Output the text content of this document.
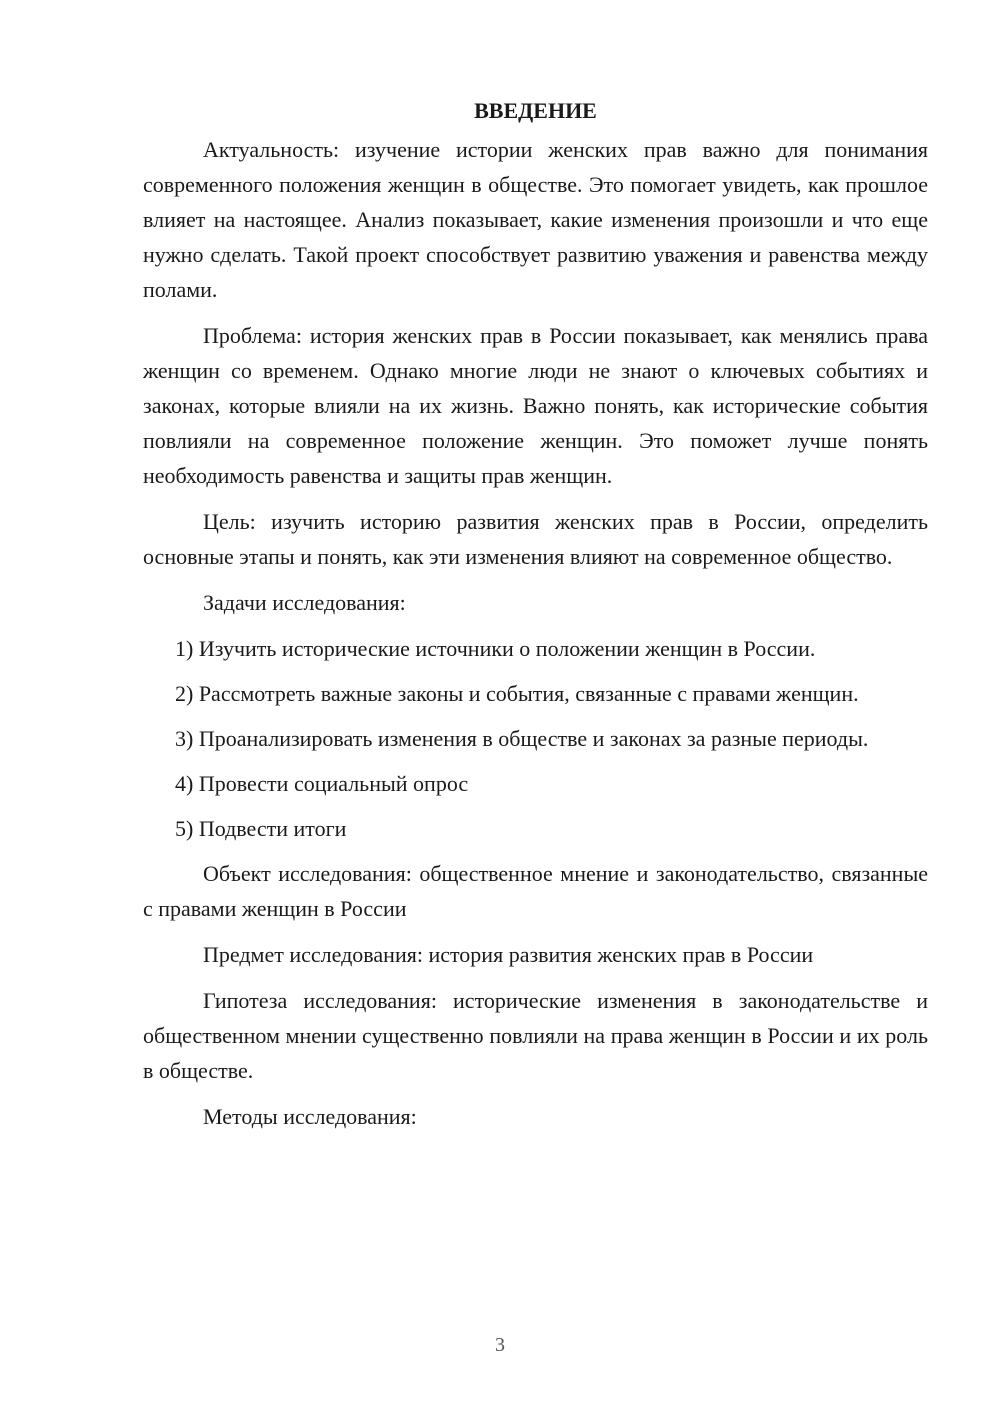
ВВЕДЕНИЕ

Актуальность: изучение истории женских прав важно для понимания современного положения женщин в обществе. Это помогает увидеть, как прошлое влияет на настоящее. Анализ показывает, какие изменения произошли и что еще нужно сделать. Такой проект способствует развитию уважения и равенства между полами.

Проблема: история женских прав в России показывает, как менялись права женщин со временем. Однако многие люди не знают о ключевых событиях и законах, которые влияли на их жизнь. Важно понять, как исторические события повлияли на современное положение женщин. Это поможет лучше понять необходимость равенства и защиты прав женщин.

Цель: изучить историю развития женских прав в России, определить основные этапы и понять, как эти изменения влияют на современное общество.

Задачи исследования:

1) Изучить исторические источники о положении женщин в России.

2) Рассмотреть важные законы и события, связанные с правами женщин.

3) Проанализировать изменения в обществе и законах за разные периоды.

4) Провести социальный опрос

5) Подвести итоги

Объект исследования: общественное мнение и законодательство, связанные с правами женщин в России

Предмет исследования: история развития женских прав в России

Гипотеза исследования: исторические изменения в законодательстве и общественном мнении существенно повлияли на права женщин в России и их роль в обществе.

Методы исследования:

3
